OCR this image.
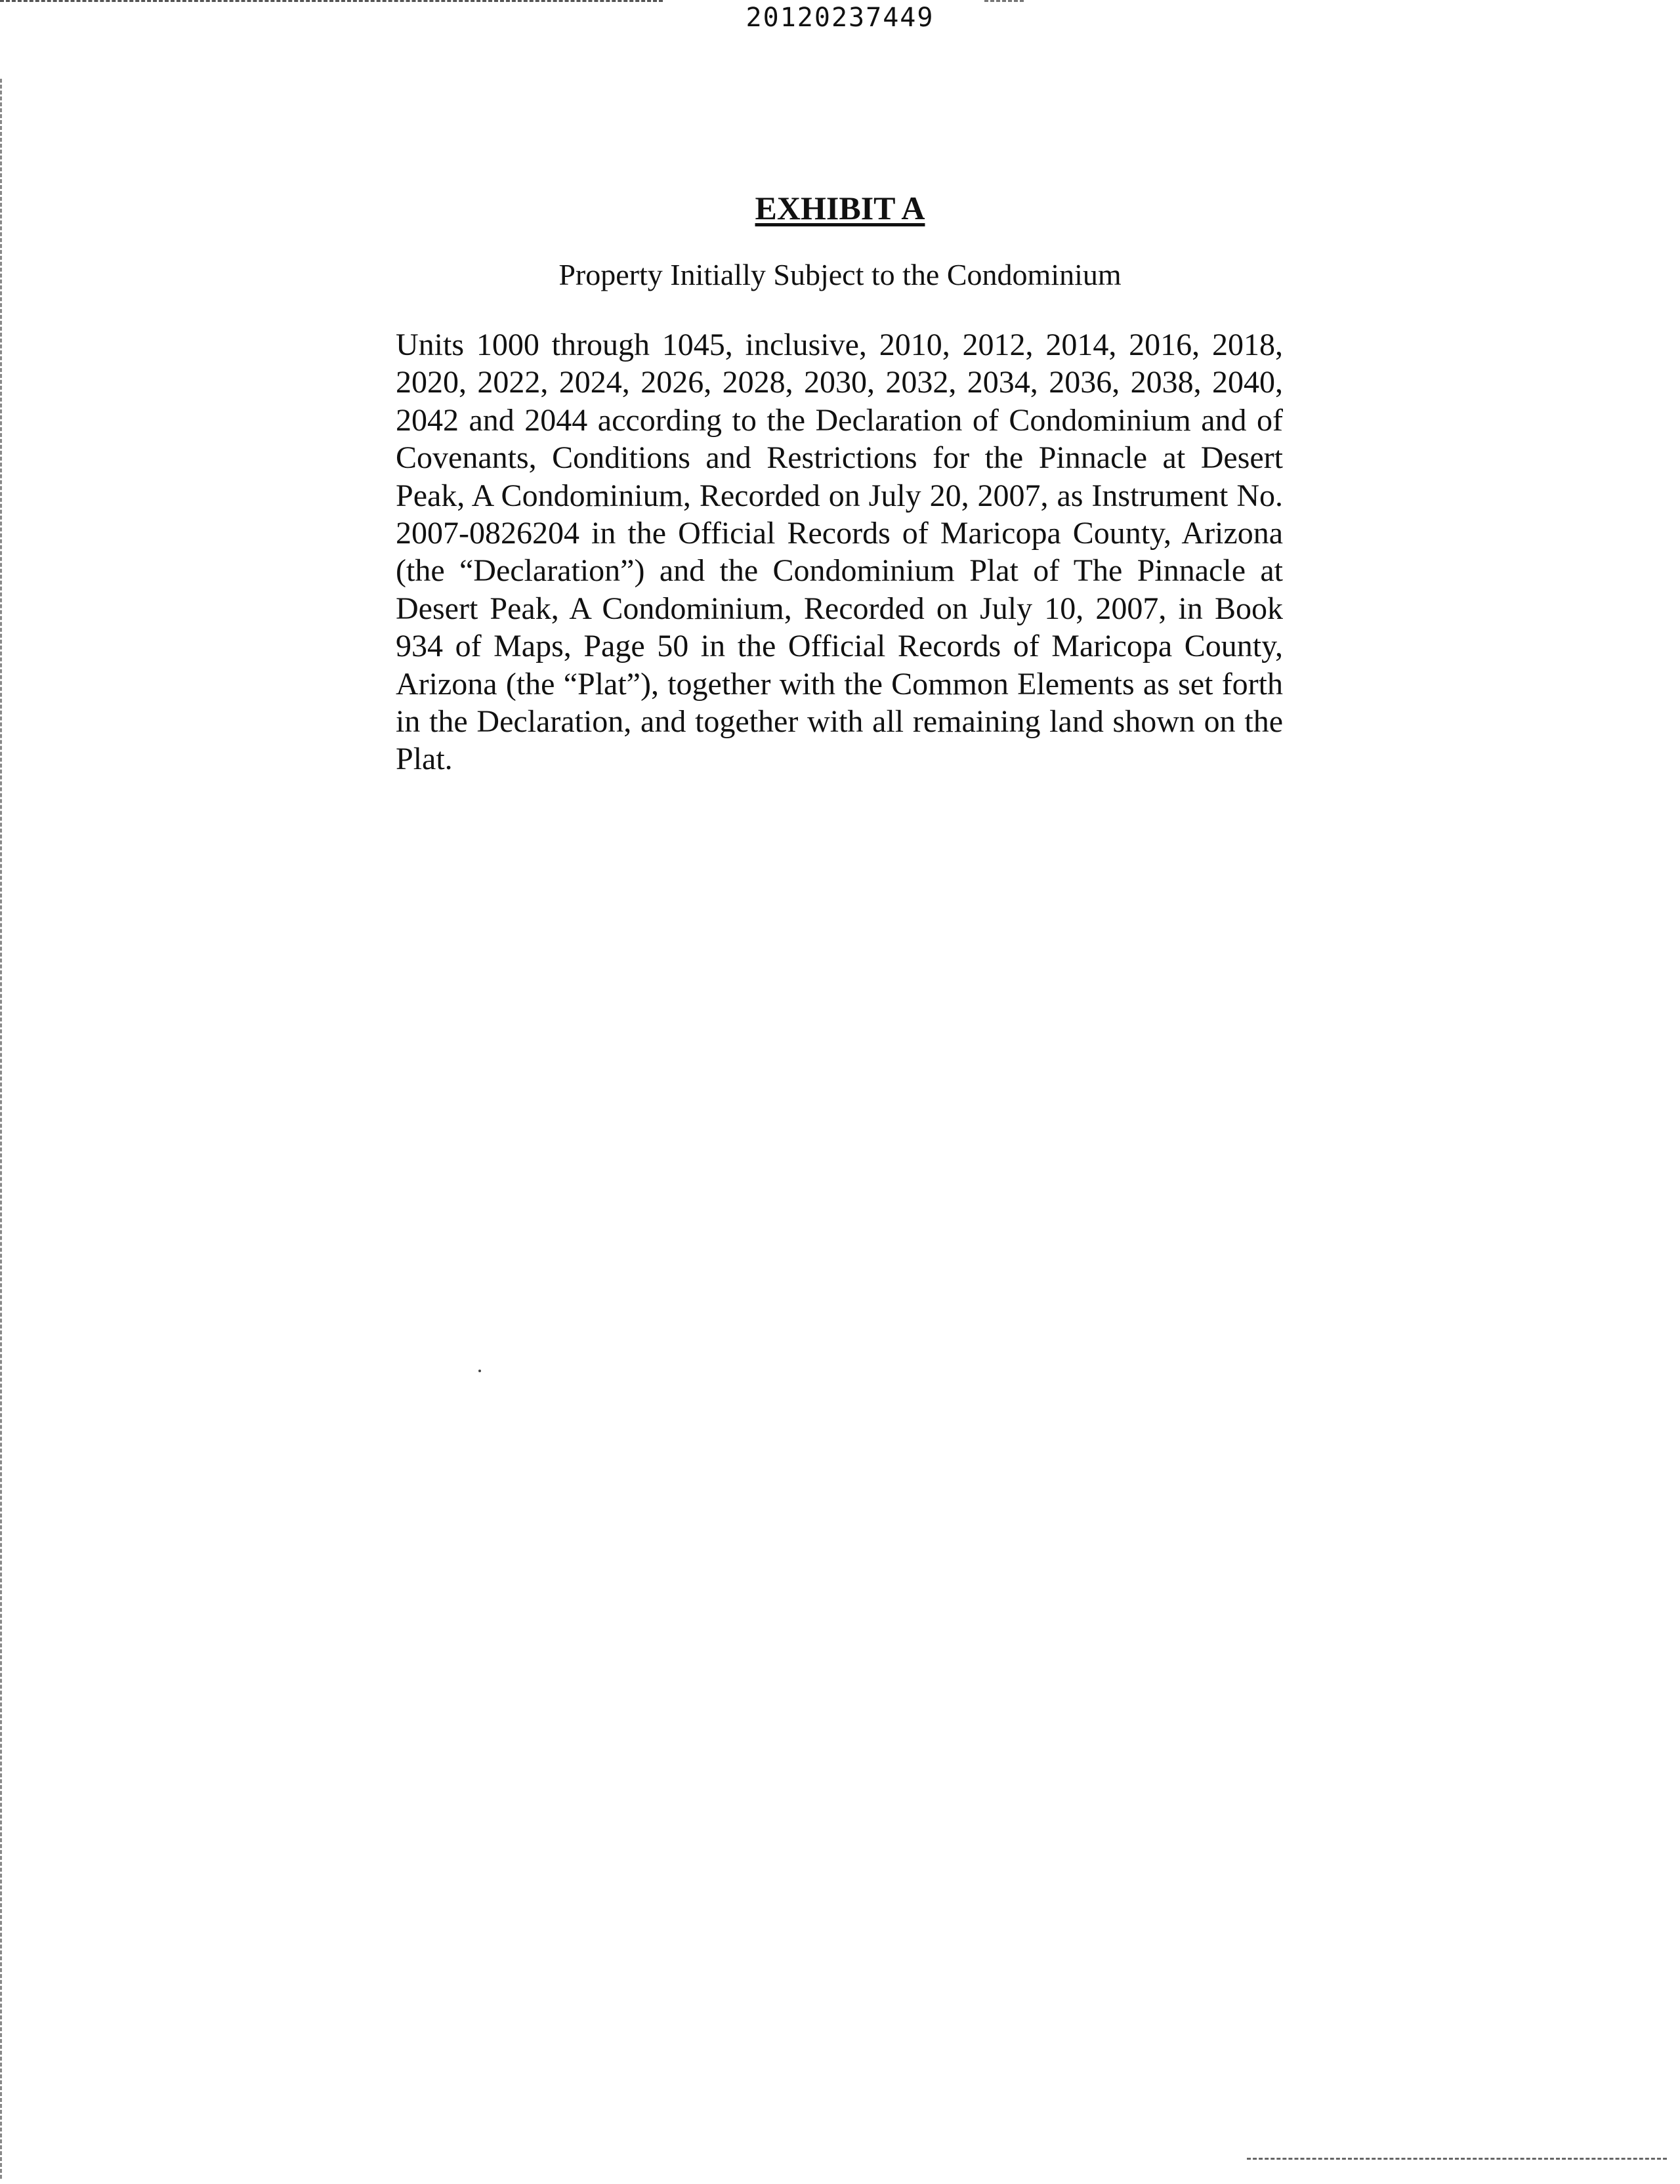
20120237449
EXHIBIT A
Property Initially Subject to the Condominium

Units 1000 through 1045, inclusive, 2010, 2012, 2014, 2016, 2018, 2020, 2022, 2024, 2026, 2028, 2030, 2032, 2034, 2036, 2038, 2040, 2042 and 2044 according to the Declaration of Condominium and of Covenants, Conditions and Restrictions for the Pinnacle at Desert Peak, A Condominium, Recorded on July 20, 2007, as Instrument No. 2007-0826204 in the Official Records of Maricopa County, Arizona (the “Declaration”) and the Condominium Plat of The Pinnacle at Desert Peak, A Condominium, Recorded on July 10, 2007, in Book 934 of Maps, Page 50 in the Official Records of Maricopa County, Arizona (the “Plat”), together with the Common Elements as set forth in the Declaration, and together with all remaining land shown on the Plat.
